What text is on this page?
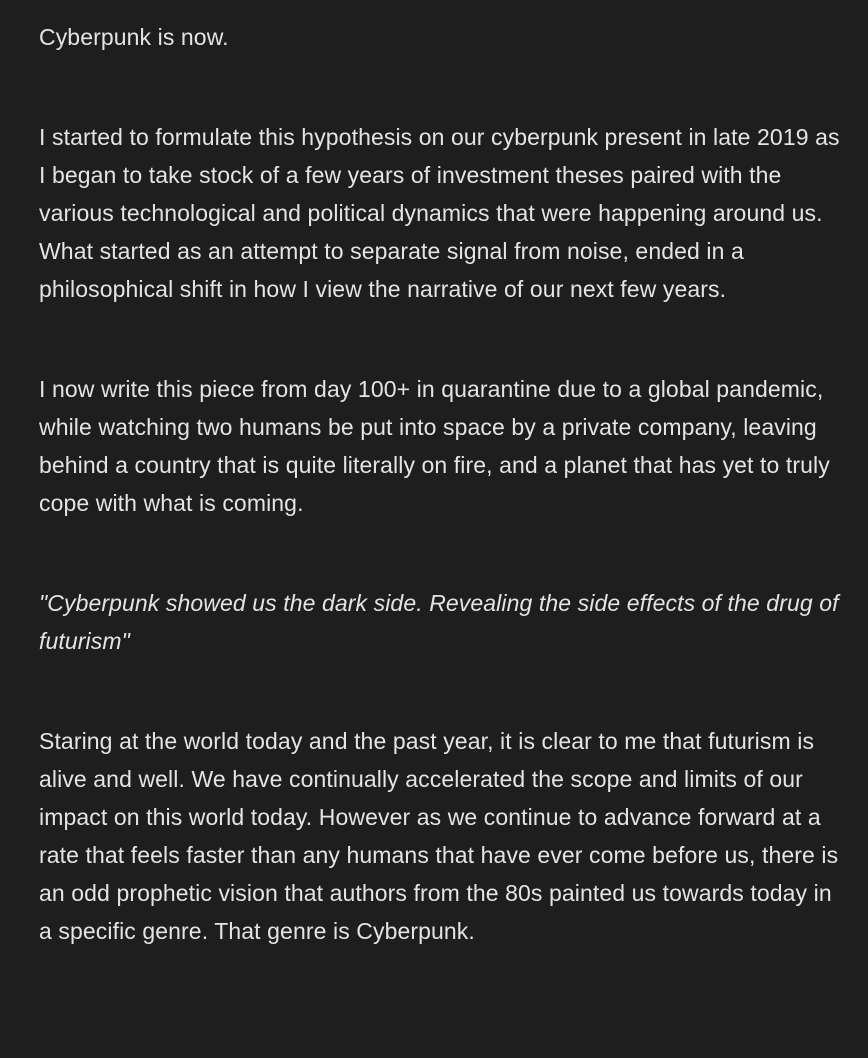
Cyberpunk is now.

I started to formulate this hypothesis on our cyberpunk present in late 2019 as I began to take stock of a few years of investment theses paired with the various technological and political dynamics that were happening around us. What started as an attempt to separate signal from noise, ended in a philosophical shift in how I view the narrative of our next few years.

I now write this piece from day 100+ in quarantine due to a global pandemic, while watching two humans be put into space by a private company, leaving behind a country that is quite literally on fire, and a planet that has yet to truly cope with what is coming.

"Cyberpunk showed us the dark side. Revealing the side effects of the drug of futurism"

Staring at the world today and the past year, it is clear to me that futurism is alive and well. We have continually accelerated the scope and limits of our impact on this world today. However as we continue to advance forward at a rate that feels faster than any humans that have ever come before us, there is an odd prophetic vision that authors from the 80s painted us towards today in a specific genre. That genre is Cyberpunk.
